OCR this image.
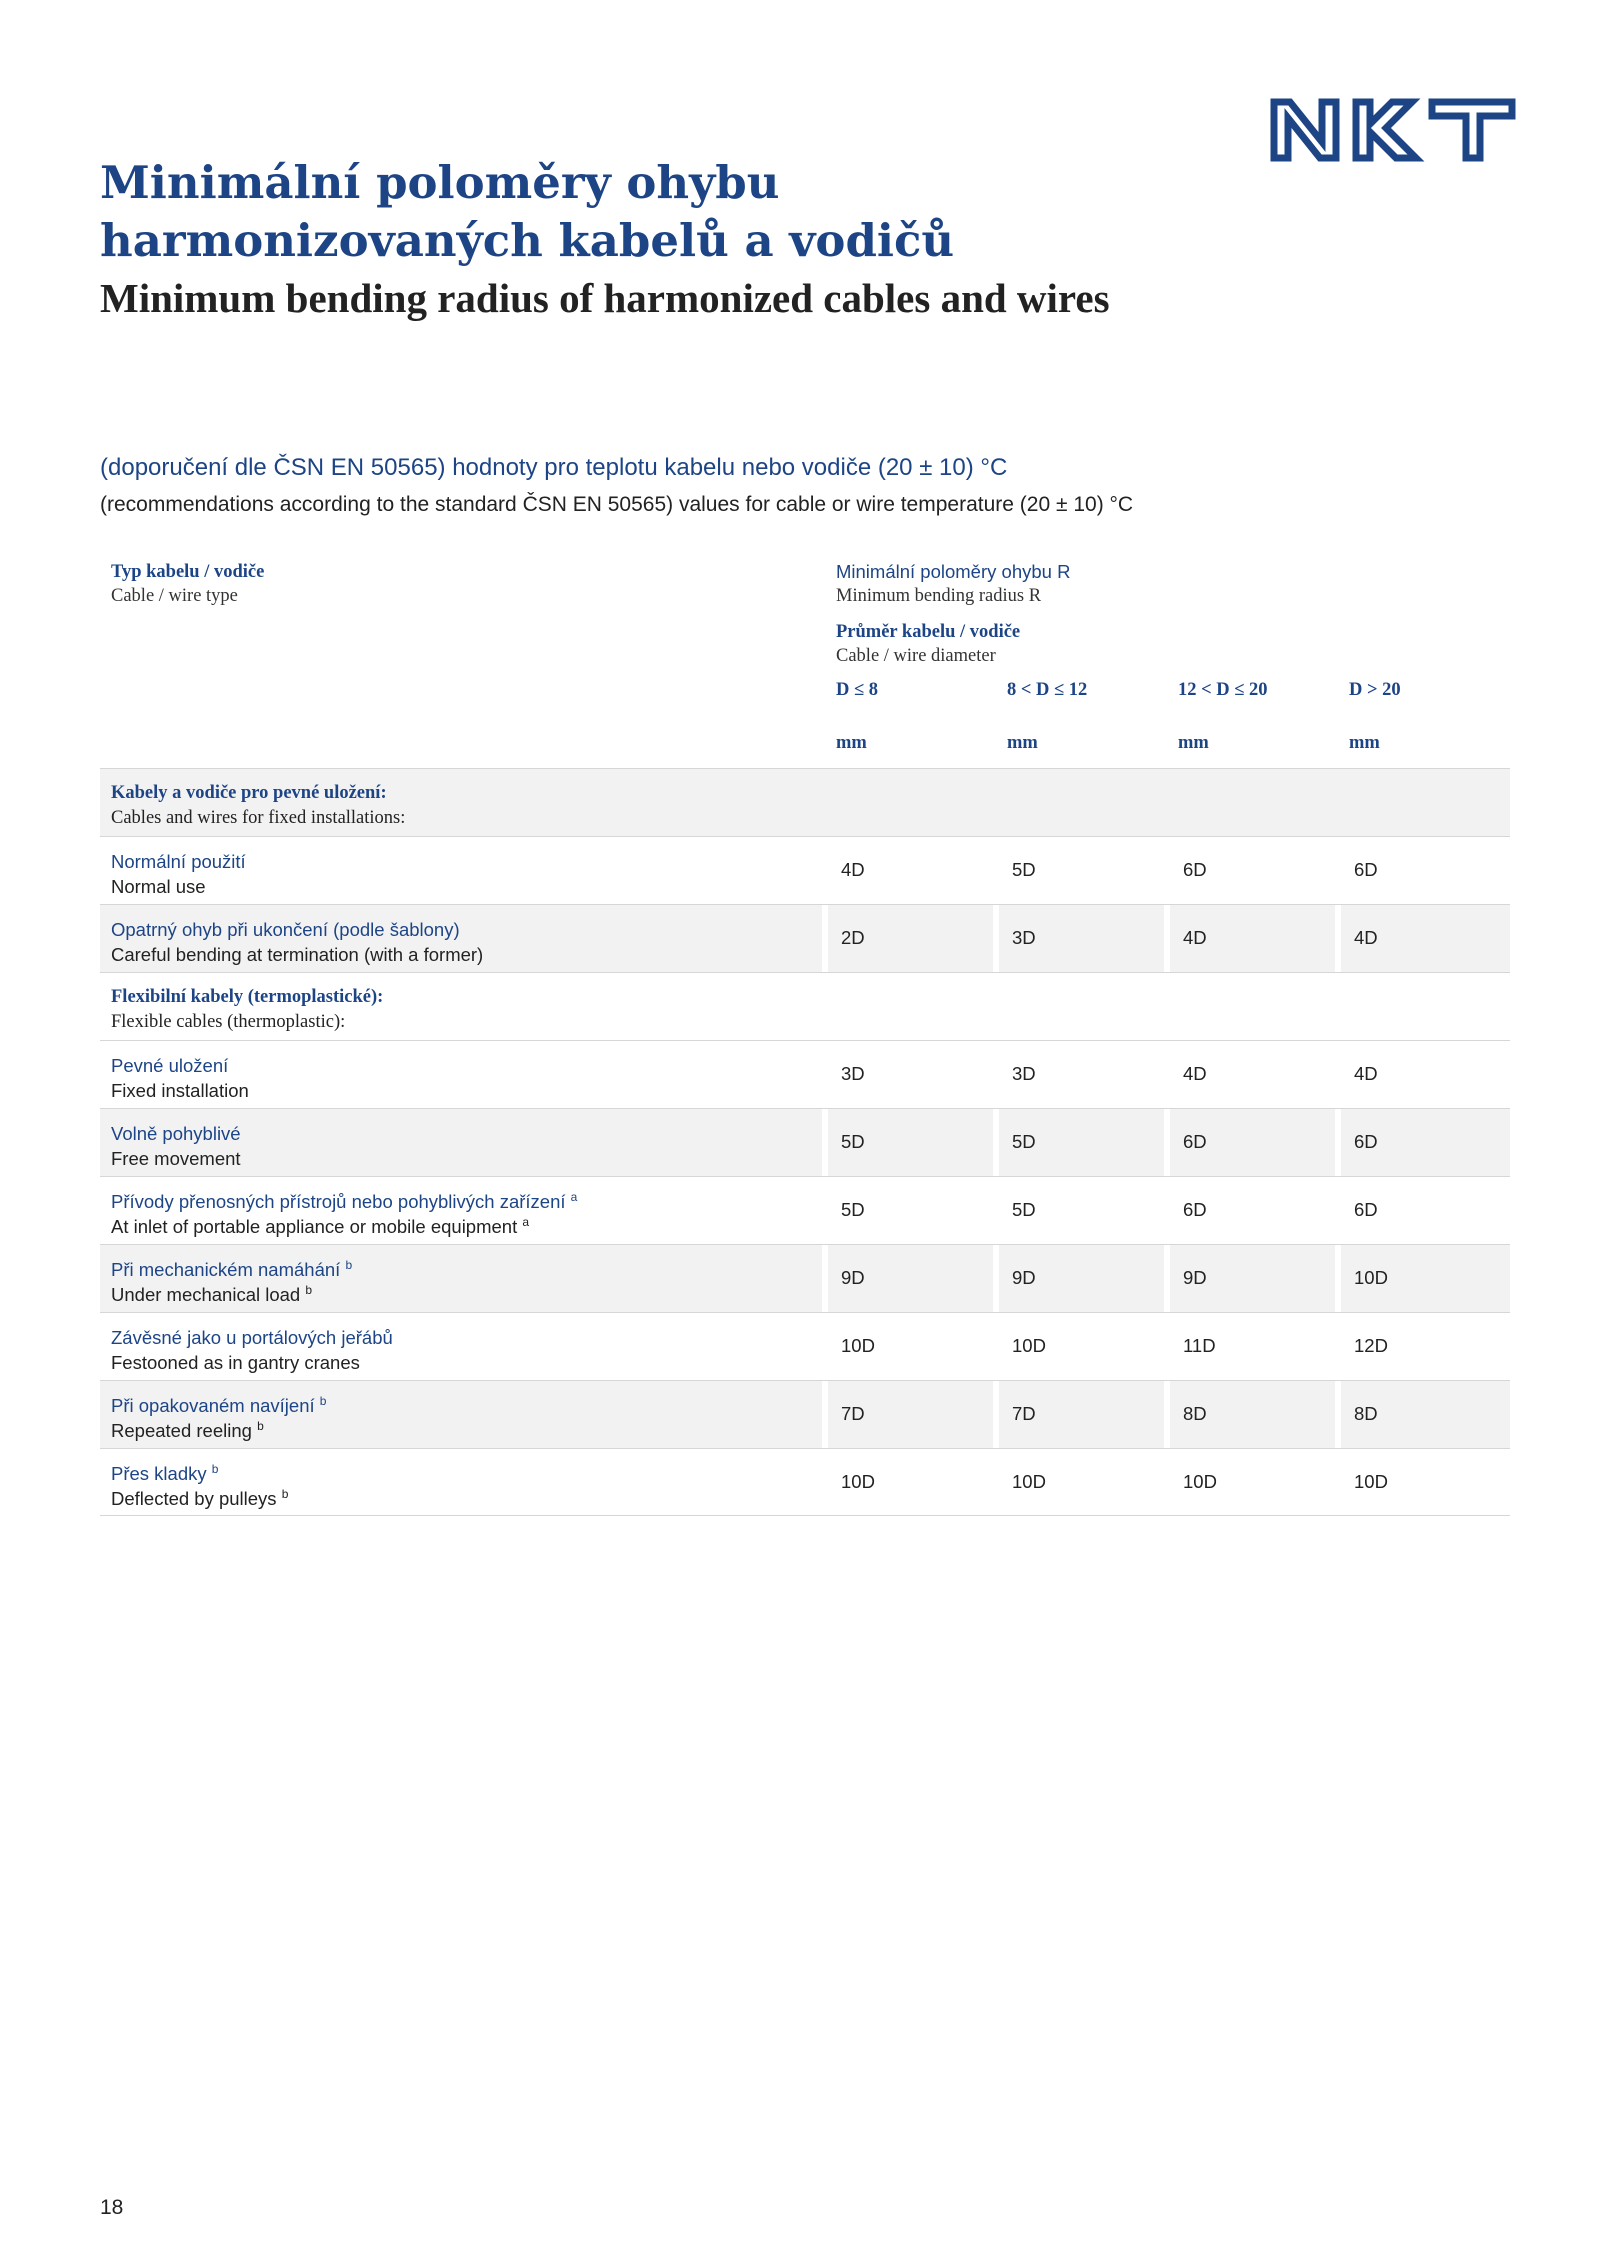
Minimální poloměry ohybu harmonizovaných kabelů a vodičů
Minimum bending radius of harmonized cables and wires
(doporučení dle ČSN EN 50565) hodnoty pro teplotu kabelu nebo vodiče (20 ± 10) °C
(recommendations according to the standard ČSN EN 50565) values for cable or wire temperature (20 ± 10) °C
Typ kabelu / vodiče
Cable / wire type
Minimální poloměry ohybu R
Minimum bending radius R
Průměr kabelu / vodiče
Cable / wire diameter
D ≤ 8	8 < D ≤ 12	12 < D ≤ 20	D > 20
mm	mm	mm	mm
Kabely a vodiče pro pevné uložení:
Cables and wires for fixed installations:
Normální použití
Normal use
4D	5D	6D	6D
Opatrný ohyb při ukončení (podle šablony)
Careful bending at termination (with a former)
2D	3D	4D	4D
Flexibilní kabely (termoplastické):
Flexible cables (thermoplastic):
Pevné uložení
Fixed installation
3D	3D	4D	4D
Volně pohyblivé
Free movement
5D	5D	6D	6D
Přívody přenosných přístrojů nebo pohyblivých zařízení $^a$
At inlet of portable appliance or mobile equipment $^a$
5D	5D	6D	6D
Při mechanickém namáhání $^b$
Under mechanical load $^b$
9D	9D	9D	10D
Závěsné jako u portálových jeřábů
Festooned as in gantry cranes
10D	10D	11D	12D
Při opakovaném navíjení $^b$
Repeated reeling $^b$
7D	7D	8D	8D
Přes kladky $^b$
Deflected by pulleys $^b$
10D	10D	10D	10D
18
